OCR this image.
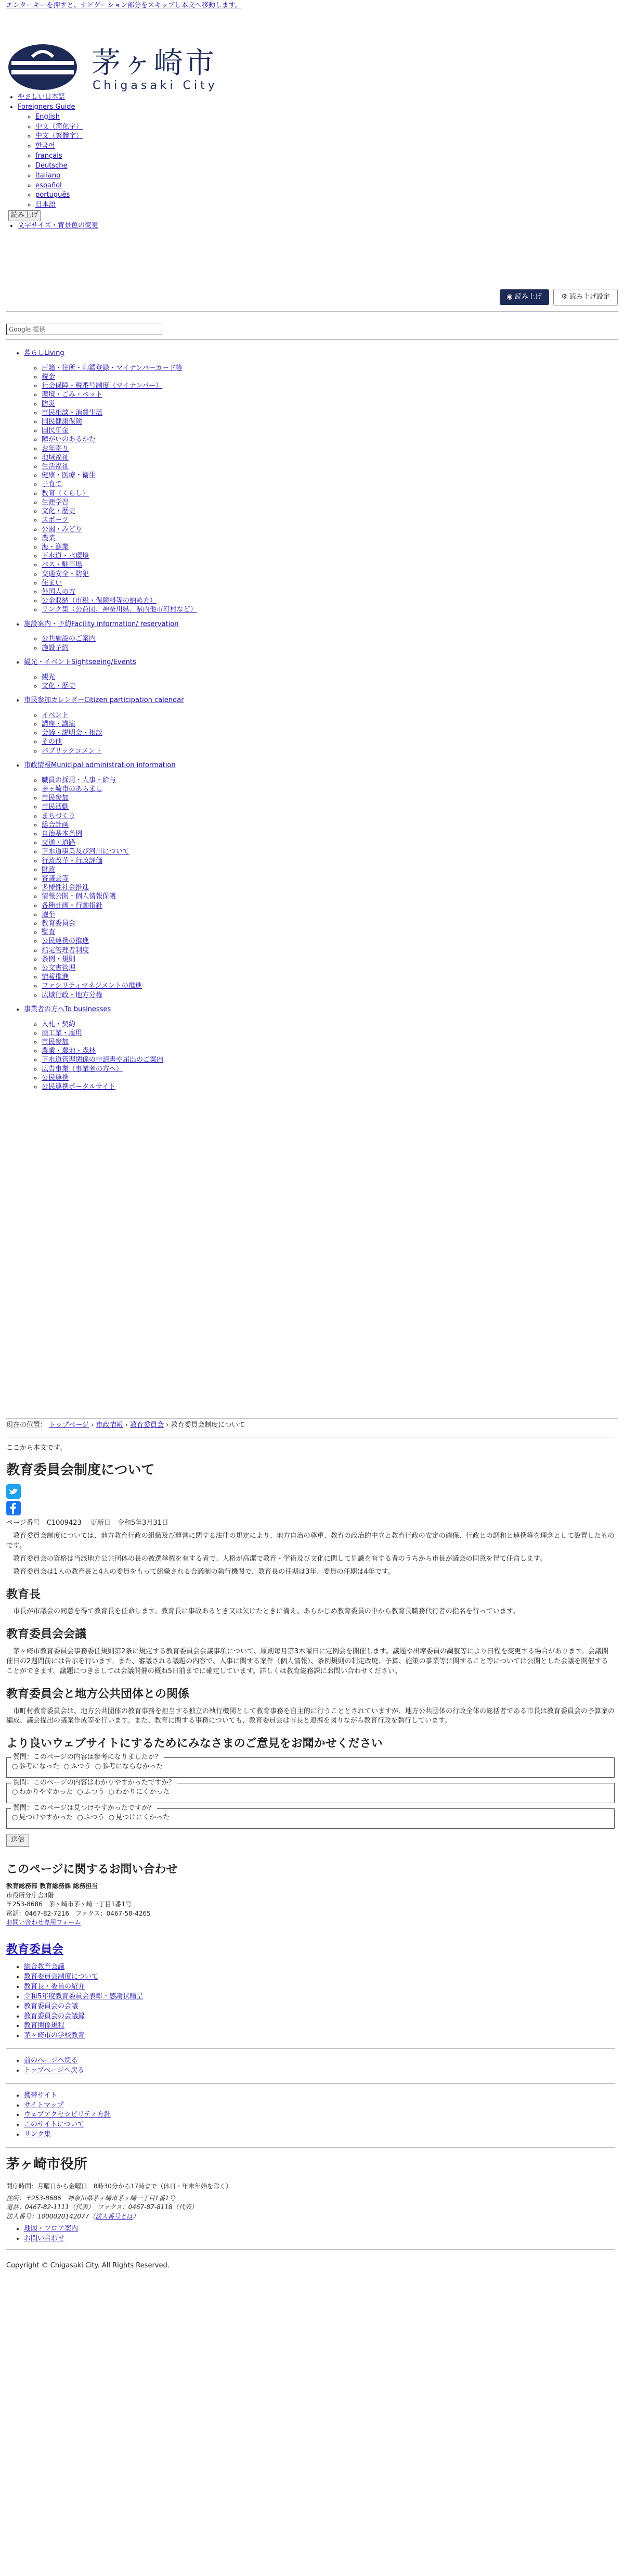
エンターキーを押すと、ナビゲーション部分をスキップし本文へ移動します。
茅ヶ崎市
Chigasaki City
• やさしい日本語
• Foreigners Guide
◦ English
◦ 中文（简化字）
◦ 中文（繁體字）
◦ 한국어
◦ français
◦ Deutsche
◦ italiano
◦ español
◦ português
◦ 日本語
読み上げ
• 文字サイズ・背景色の変更
◉ 読み上げ	⚙ 読み上げ設定
Google 提供
• 暮らしLiving
◦ 戸籍・住所・印鑑登録・マイナンバーカード等
◦ 税金
◦ 社会保障・税番号制度（マイナンバー）
◦ 環境・ごみ・ペット
◦ 防災
◦ 市民相談・消費生活
◦ 国民健康保険
◦ 国民年金
◦ 障がいのあるかた
◦ お年寄り
◦ 地域福祉
◦ 生活福祉
◦ 健康・医療・衛生
◦ 子育て
◦ 教育（くらし）
◦ 生涯学習
◦ 文化・歴史
◦ スポーツ
◦ 公園・みどり
◦ 農業
◦ 海・漁業
◦ 下水道・水環境
◦ バス・駐車場
◦ 交通安全・防犯
◦ 住まい
◦ 外国人の方
◦ 公金収納（市税・保険料等の納め方）
◦ リンク集（公益団、神奈川県、県内他市町村など）
• 施設案内・予約Facility information/ reservation
◦ 公共施設のご案内
◦ 施設予約
• 観光・イベントSightseeing/Events
◦ 観光
◦ 文化・歴史
• 市民参加カレンダーCitizen participation calendar
◦ イベント
◦ 講座・講演
◦ 会議・説明会・相談
◦ その他
◦ パブリックコメント
• 市政情報Municipal administration information
◦ 職員の採用・人事・給与
◦ 茅ヶ崎市のあらまし
◦ 市民参加
◦ 市民活動
◦ まちづくり
◦ 総合計画
◦ 自治基本条例
◦ 交通・道路
◦ 下水道事業及び河川について
◦ 行政改革・行政評価
◦ 財政
◦ 審議会等
◦ 多様性社会推進
◦ 情報公開・個人情報保護
◦ 各種計画・行動指針
◦ 選挙
◦ 教育委員会
◦ 監査
◦ 公民連携の推進
◦ 指定管理者制度
◦ 条例・規則
◦ 公文書管理
◦ 情報推進
◦ ファシリティマネジメントの推進
◦ 広域行政・地方分権
• 事業者の方へTo businesses
◦ 入札・契約
◦ 商工業・雇用
◦ 市民参加
◦ 農業・農地・森林
◦ 下水道管理関係の申請書や届出のご案内
◦ 広告事業（事業者の方へ）
◦ 公民連携
◦ 公民連携ポータルサイト
現在の位置： トップページ › 市政情報 › 教育委員会 › 教育委員会制度について

ここから本文です。

教育委員会制度について

ページ番号　C1009423　 更新日　令和5年3月31日

教育委員会制度については、地方教育行政の組織及び運営に関する法律の規定により、地方自治の尊重、教育の政治的中立と教育行政の安定の確保、行政との調和と連携等を理念として設置したものです。

教育委員会の資格は当該地方公共団体の長の被選挙権を有する者で、人格が高潔で教育・学術及び文化に関して見識を有する者のうちから市長が議会の同意を得て任命します。

教育委員会は1人の教育長と4人の委員をもって組織される合議制の執行機関で、教育長の任期は3年、委員の任期は4年です。

教育長

市長が市議会の同意を得て教育長を任命します。教育長に事故あるとき又は欠けたときに備え、あらかじめ教育委員の中から教育長職務代行者の指名を行っています。

教育委員会会議

茅ヶ崎市教育委員会事務委任規則第2条に規定する教育委員会会議事項について、原則毎月第3木曜日に定例会を開催します。議題や出席委員の調整等により日程を変更する場合があります。会議開催日の2週間前には告示を行います。また、審議される議題の内容で、人事に関する案件（個人情報）、条例規則の制定改廃、予算、施策の事業等に関すること等については公開とした会議を開催することができます。議題につきましては会議開催の概ね5日前までに確定しています。詳しくは教育総務課にお問い合わせください。

教育委員会と地方公共団体との関係

市町村教育委員会は、地方公共団体の教育事務を担当する独立の執行機関として教育事務を自主的に行うこととされていますが、地方公共団体の行政全体の総括者である市長は教育委員会の予算案の編成、議会提出の議案作成等を行います。また、教育に関する事務についても、教育委員会は市長と連携を図りながら教育行政を執行しています。

より良いウェブサイトにするためにみなさまのご意見をお聞かせください
質問：このページの内容は参考になりましたか？
○ 参考になった ○ ふつう ○ 参考にならなかった
質問：このページの内容はわかりやすかったですか？
○ わかりやすかった ○ ふつう ○ わかりにくかった
質問：このページは見つけやすかったですか？
○ 見つけやすかった ○ ふつう ○ 見つけにくかった
送信
このページに関するお問い合わせ
教育総務部 教育総務課 総務担当
市役所分庁舎3階
〒253-8686　茅ヶ崎市茅ヶ崎一丁目1番1号
電話：0467-82-7216　ファクス：0467-58-4265
お問い合わせ専用フォーム
教育委員会
• 総合教育会議
• 教育委員会制度について
• 教育長・委員の紹介
• 令和5年度教育委員会表彰・感謝状贈呈
• 教育委員会の会議
• 教育委員会の会議録
• 教育関係規程
• 茅ヶ崎市の学校教育
• 前のページへ戻る
• トップページへ戻る
• 携帯サイト
• サイトマップ
• ウェブアクセシビリティ方針
• このサイトについて
• リンク集
茅ヶ崎市役所

開庁時間：月曜日から金曜日　8時30分から17時まで（休日・年末年始を除く）

住所：〒253-8686　神奈川県茅ヶ崎市茅ヶ崎一丁目1番1号
電話：0467-82-1111（代表）　ファクス：0467-87-8118（代表）
法人番号：1000020142077（法人番号とは）
• 地図・フロア案内
• お問い合わせ
Copyright © Chigasaki City. All Rights Reserved.
